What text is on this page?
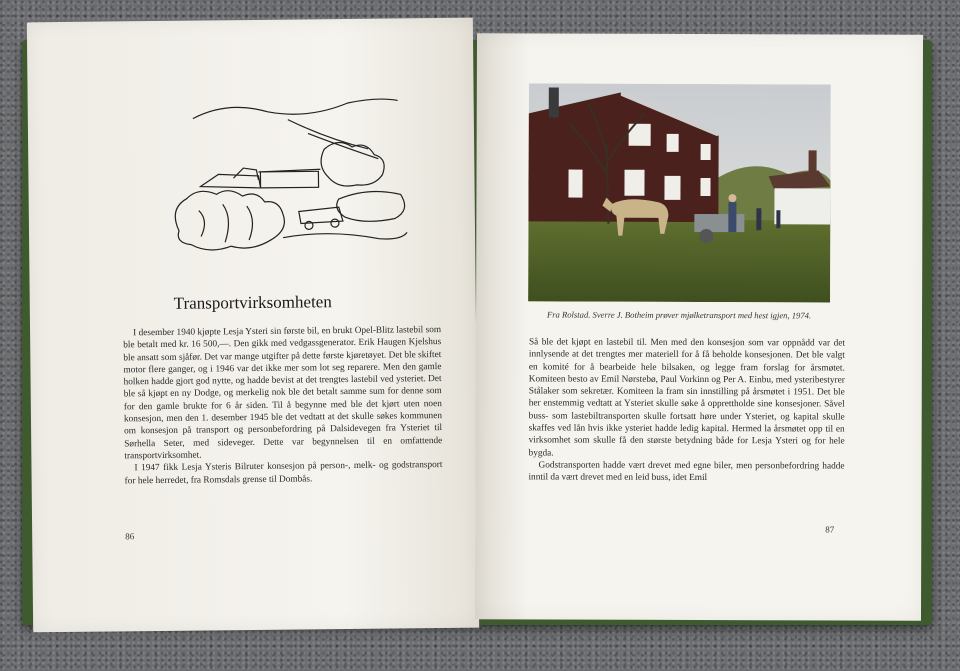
Transportvirksomheten

I desember 1940 kjøpte Lesja Ysteri sin første bil, en brukt Opel-Blitz lastebil som ble betalt med kr. 16 500,—. Den gikk med vedgassgenerator. Erik Haugen Kjelshus ble ansatt som sjåfør. Det var mange utgifter på dette første kjøretøyet. Det ble skiftet motor flere ganger, og i 1946 var det ikke mer som lot seg reparere. Men den gamle holken hadde gjort god nytte, og hadde bevist at det trengtes lastebil ved ysteriet. Det ble så kjøpt en ny Dodge, og merkelig nok ble det betalt samme sum for denne som for den gamle brukte for 6 år siden. Til å begynne med ble det kjørt uten noen konsesjon, men den 1. desember 1945 ble det vedtatt at det skulle søkes kommunen om konsesjon på transport og personbefordring på Dalsidevegen fra Ysteriet til Sørhella Seter, med sideveger. Dette var begynnelsen til en omfattende transportvirksomhet.

I 1947 fikk Lesja Ysteris Bilruter konsesjon på person-, melk- og godstransport for hele herredet, fra Romsdals grense til Dombås.

86
Fra Rolstad. Sverre J. Botheim prøver mjølketransport med hest igjen, 1974.

Så ble det kjøpt en lastebil til. Men med den konsesjon som var oppnådd var det innlysende at det trengtes mer materiell for å få beholde konsesjonen. Det ble valgt en komité for å bearbeide hele bilsaken, og legge fram forslag for årsmøtet. Komiteen besto av Emil Nørstebø, Paul Vorkinn og Per A. Einbu, med ysteribestyrer Stålaker som sekretær. Komiteen la fram sin innstilling på årsmøtet i 1951. Det ble her enstemmig vedtatt at Ysteriet skulle søke å opprettholde sine konsesjoner. Såvel buss- som lastebiltransporten skulle fortsatt høre under Ysteriet, og kapital skulle skaffes ved lån hvis ikke ysteriet hadde ledig kapital. Hermed la årsmøtet opp til en virksomhet som skulle få den største betydning både for Lesja Ysteri og for hele bygda.

Godstransporten hadde vært drevet med egne biler, men personbefordring hadde inntil da vært drevet med en leid buss, idet Emil

87
